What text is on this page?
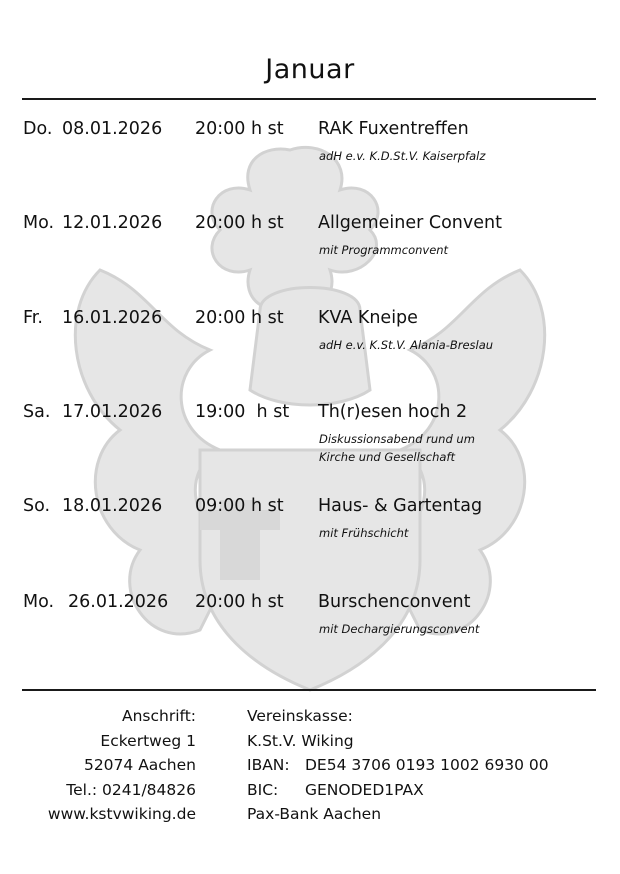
Januar
Do. 08.01.2026 20:00 h st RAK Fuxentreffen
adH e.v. K.D.St.V. Kaiserpfalz
Mo. 12.01.2026 20:00 h st Allgemeiner Convent
mit Programmconvent
Fr. 16.01.2026 20:00 h st KVA Kneipe
adH e.v. K.St.V. Alania-Breslau
Sa. 17.01.2026 19:00  h st Th(r)esen hoch 2
Diskussionsabend rund um Kirche und Gesellschaft
So. 18.01.2026 09:00 h st Haus- & Gartentag
mit Frühschicht
Mo. 26.01.2026 20:00 h st Burschenconvent
mit Dechargierungsconvent
Anschrift:
Eckertweg 1
52074 Aachen
Tel.: 0241/84826
www.kstvwiking.de
Vereinskasse:
K.St.V. Wiking
IBAN: DE54 3706 0193 1002 6930 00
BIC: GENODED1PAX
Pax-Bank Aachen
